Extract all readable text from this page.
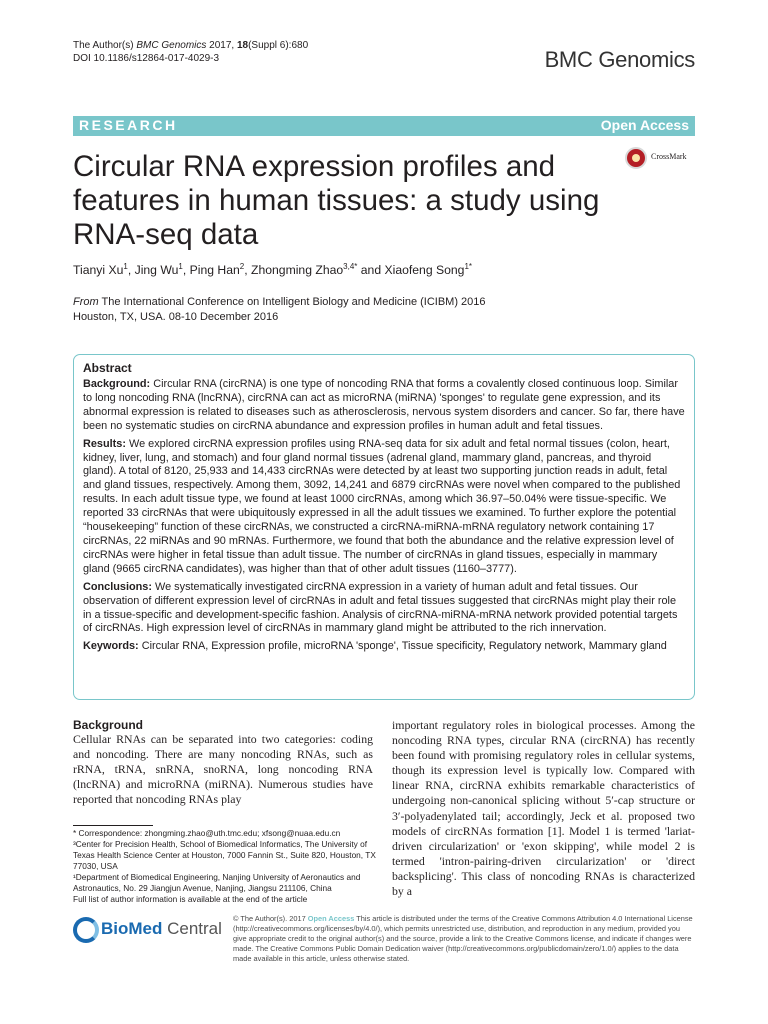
The Author(s) BMC Genomics 2017, 18(Suppl 6):680
DOI 10.1186/s12864-017-4029-3	BMC Genomics
RESEARCH	Open Access
Circular RNA expression profiles and features in human tissues: a study using RNA-seq data
CrossMark
Tianyi Xu$^1$, Jing Wu$^1$, Ping Han$^2$, Zhongming Zhao$^{3,4*}$ and Xiaofeng Song$^{1*}$
From The International Conference on Intelligent Biology and Medicine (ICIBM) 2016
Houston, TX, USA. 08-10 December 2016
Abstract

Background: Circular RNA (circRNA) is one type of noncoding RNA that forms a covalently closed continuous loop. Similar to long noncoding RNA (lncRNA), circRNA can act as microRNA (miRNA) 'sponges' to regulate gene expression, and its abnormal expression is related to diseases such as atherosclerosis, nervous system disorders and cancer. So far, there have been no systematic studies on circRNA abundance and expression profiles in human adult and fetal tissues.

Results: We explored circRNA expression profiles using RNA-seq data for six adult and fetal normal tissues (colon, heart, kidney, liver, lung, and stomach) and four gland normal tissues (adrenal gland, mammary gland, pancreas, and thyroid gland). A total of 8120, 25,933 and 14,433 circRNAs were detected by at least two supporting junction reads in adult, fetal and gland tissues, respectively. Among them, 3092, 14,241 and 6879 circRNAs were novel when compared to the published results. In each adult tissue type, we found at least 1000 circRNAs, among which 36.97–50.04% were tissue-specific. We reported 33 circRNAs that were ubiquitously expressed in all the adult tissues we examined. To further explore the potential “housekeeping” function of these circRNAs, we constructed a circRNA-miRNA-mRNA regulatory network containing 17 circRNAs, 22 miRNAs and 90 mRNAs. Furthermore, we found that both the abundance and the relative expression level of circRNAs were higher in fetal tissue than adult tissue. The number of circRNAs in gland tissues, especially in mammary gland (9665 circRNA candidates), was higher than that of other adult tissues (1160–3777).

Conclusions: We systematically investigated circRNA expression in a variety of human adult and fetal tissues. Our observation of different expression level of circRNAs in adult and fetal tissues suggested that circRNAs might play their role in a tissue-specific and development-specific fashion. Analysis of circRNA-miRNA-mRNA network provided potential targets of circRNAs. High expression level of circRNAs in mammary gland might be attributed to the rich innervation.

Keywords: Circular RNA, Expression profile, microRNA 'sponge', Tissue specificity, Regulatory network, Mammary gland

Background

Cellular RNAs can be separated into two categories: coding and noncoding. There are many noncoding RNAs, such as rRNA, tRNA, snRNA, snoRNA, long noncoding RNA (lncRNA) and microRNA (miRNA). Numerous studies have reported that noncoding RNAs play

important regulatory roles in biological processes. Among the noncoding RNA types, circular RNA (circRNA) has recently been found with promising regulatory roles in cellular systems, though its expression level is typically low. Compared with linear RNA, circRNA exhibits remarkable characteristics of undergoing non-canonical splicing without 5′-cap structure or 3′-polyadenylated tail; accordingly, Jeck et al. proposed two models of circRNAs formation [1]. Model 1 is termed 'lariat-driven circularization' or 'exon skipping', while model 2 is termed 'intron-pairing-driven circularization' or 'direct backsplicing'. This class of noncoding RNAs is characterized by a

* Correspondence: zhongming.zhao@uth.tmc.edu; xfsong@nuaa.edu.cn

³Center for Precision Health, School of Biomedical Informatics, The University of Texas Health Science Center at Houston, 7000 Fannin St., Suite 820, Houston, TX 77030, USA

¹Department of Biomedical Engineering, Nanjing University of Aeronautics and Astronautics, No. 29 Jiangjun Avenue, Nanjing, Jiangsu 211106, China

Full list of author information is available at the end of the article

BioMed Central
© The Author(s). 2017 Open Access This article is distributed under the terms of the Creative Commons Attribution 4.0 International License (http://creativecommons.org/licenses/by/4.0/), which permits unrestricted use, distribution, and reproduction in any medium, provided you give appropriate credit to the original author(s) and the source, provide a link to the Creative Commons license, and indicate if changes were made. The Creative Commons Public Domain Dedication waiver (http://creativecommons.org/publicdomain/zero/1.0/) applies to the data made available in this article, unless otherwise stated.
